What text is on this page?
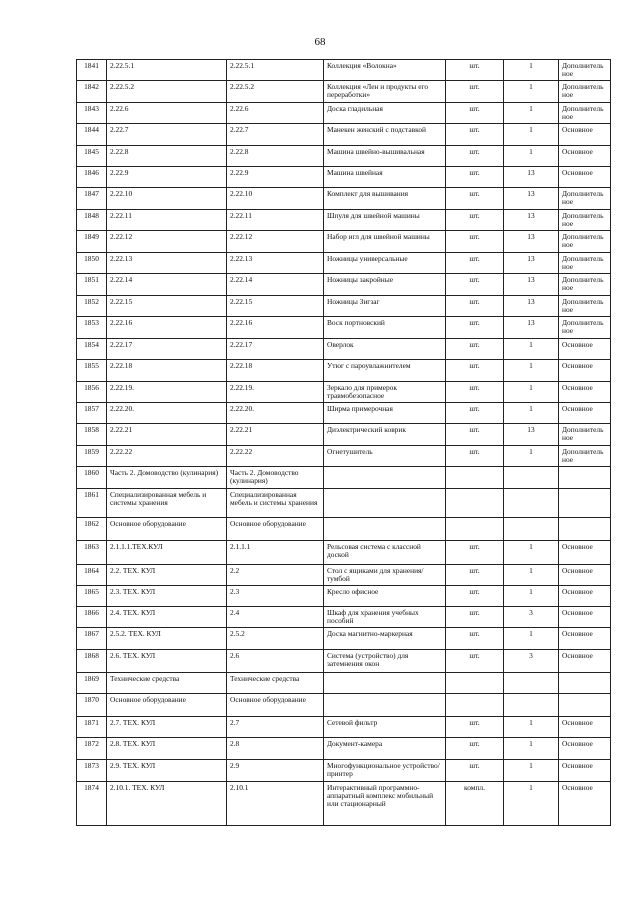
68
1841	2.22.5.1	2.22.5.1	Коллекция «Волокна»	шт.	1	Дополнительное
1842	2.22.5.2	2.22.5.2	Коллекция «Лен и продукты его переработки»	шт.	1	Дополнительное
1843	2.22.6	2.22.6	Доска гладильная	шт.	1	Дополнительное
1844	2.22.7	2.22.7	Манекен женский с подставкой	шт.	1	Основное
1845	2.22.8	2.22.8	Машина швейно-вышивальная	шт.	1	Основное
1846	2.22.9	2.22.9	Машина швейная	шт.	13	Основное
1847	2.22.10	2.22.10	Комплект для вышивания	шт.	13	Дополнительное
1848	2.22.11	2.22.11	Шпуля для швейной машины	шт.	13	Дополнительное
1849	2.22.12	2.22.12	Набор игл для швейной машины	шт.	13	Дополнительное
1850	2.22.13	2.22.13	Ножницы универсальные	шт.	13	Дополнительное
1851	2.22.14	2.22.14	Ножницы закройные	шт.	13	Дополнительное
1852	2.22.15	2.22.15	Ножницы Зигзаг	шт.	13	Дополнительное
1853	2.22.16	2.22.16	Воск портновский	шт.	13	Дополнительное
1854	2.22.17	2.22.17	Оверлок	шт.	1	Основное
1855	2.22.18	2.22.18	Утюг с пароувлажнителем	шт.	1	Основное
1856	2.22.19.	2.22.19.	Зеркало для примерок травмобезопасное	шт.	1	Основное
1857	2.22.20.	2.22.20.	Ширма примерочная	шт.	1	Основное
1858	2.22.21	2.22.21	Диэлектрический коврик	шт.	13	Дополнительное
1859	2.22.22	2.22.22	Огнетушитель	шт.	1	Дополнительное
1860	Часть 2. Домоводство (кулинария)	Часть 2. Домоводство (кулинария)				
1861	Специализированная мебель и системы хранения	Специализированная мебель и системы хранения				
1862	Основное оборудование	Основное оборудование				
1863	2.1.1.1.ТЕХ.КУЛ	2.1.1.1	Рельсовая система с классной доской	шт.	1	Основное
1864	2.2. ТЕХ. КУЛ	2.2	Стол с ящиками для хранения/тумбой	шт.	1	Основное
1865	2.3. ТЕХ. КУЛ	2.3	Кресло офисное	шт.	1	Основное
1866	2.4. ТЕХ. КУЛ	2.4	Шкаф для хранения учебных пособий	шт.	3	Основное
1867	2.5.2. ТЕХ. КУЛ	2.5.2	Доска магнитно-маркерная	шт.	1	Основное
1868	2.6. ТЕХ. КУЛ	2.6	Система (устройство) для затемнения окон	шт.	3	Основное
1869	Технические средства	Технические средства				
1870	Основное оборудование	Основное оборудование				
1871	2.7. ТЕХ. КУЛ	2.7	Сетевой фильтр	шт.	1	Основное
1872	2.8. ТЕХ. КУЛ	2.8	Документ-камера	шт.	1	Основное
1873	2.9. ТЕХ. КУЛ	2.9	Многофункциональное устройство/принтер	шт.	1	Основное
1874	2.10.1. ТЕХ. КУЛ	2.10.1	Интерактивный программно-аппаратный комплекс мобильный или стационарный	компл.	1	Основное
